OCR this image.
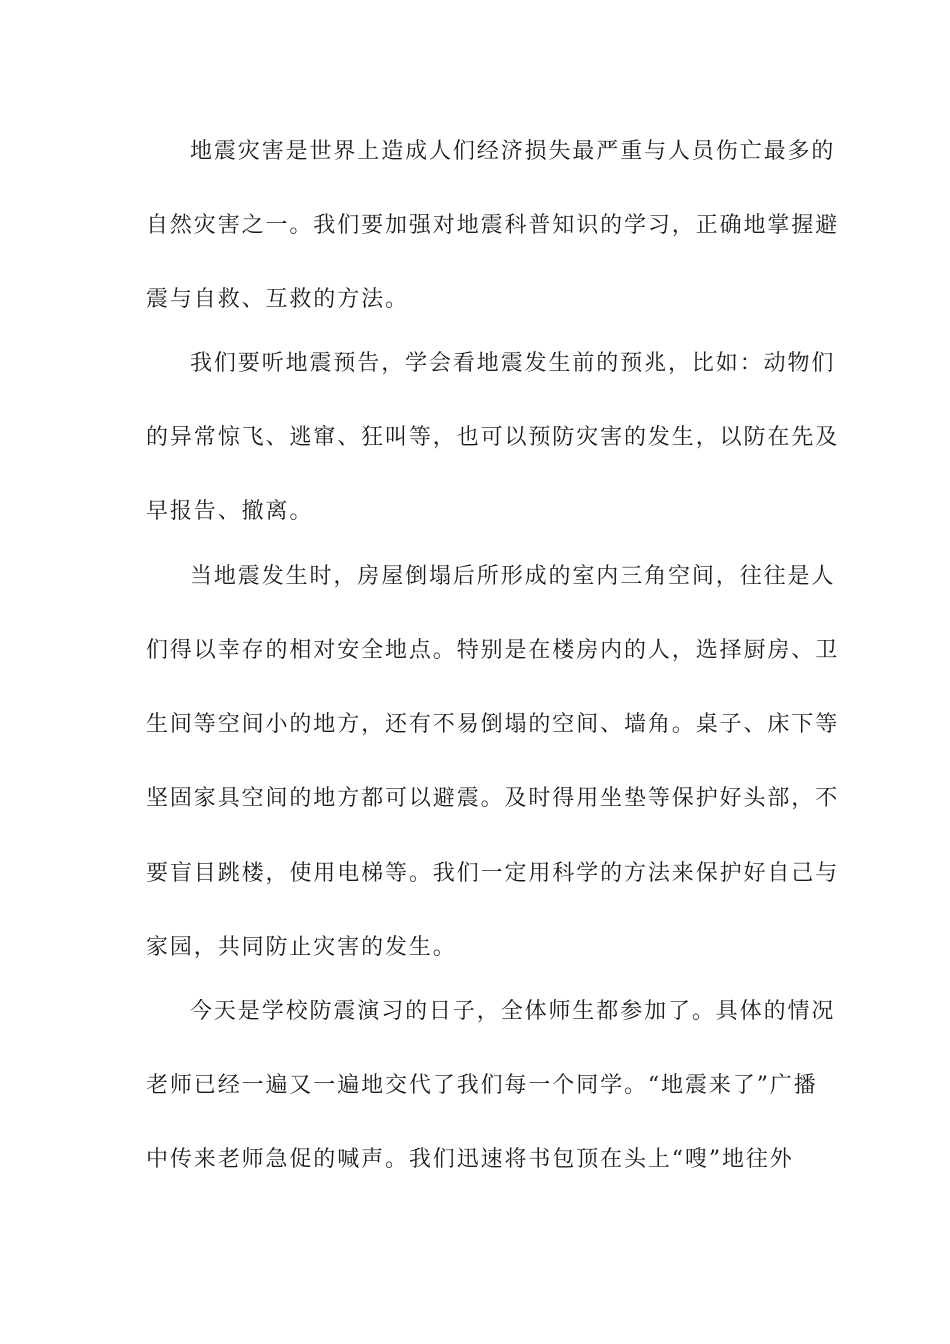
地震灾害是世界上造成人们经济损失最严重与人员伤亡最多的
自然灾害之一。我们要加强对地震科普知识的学习，正确地掌握避
震与自救、互救的方法。
我们要听地震预告，学会看地震发生前的预兆，比如：动物们
的异常惊飞、逃窜、狂叫等，也可以预防灾害的发生，以防在先及
早报告、撤离。
当地震发生时，房屋倒塌后所形成的室内三角空间，往往是人
们得以幸存的相对安全地点。特别是在楼房内的人，选择厨房、卫
生间等空间小的地方，还有不易倒塌的空间、墙角。桌子、床下等
坚固家具空间的地方都可以避震。及时得用坐垫等保护好头部，不
要盲目跳楼，使用电梯等。我们一定用科学的方法来保护好自己与
家园，共同防止灾害的发生。
今天是学校防震演习的日子，全体师生都参加了。具体的情况
老师已经一遍又一遍地交代了我们每一个同学。“地震来了”广播
中传来老师急促的喊声。我们迅速将书包顶在头上“嗖”地往外
